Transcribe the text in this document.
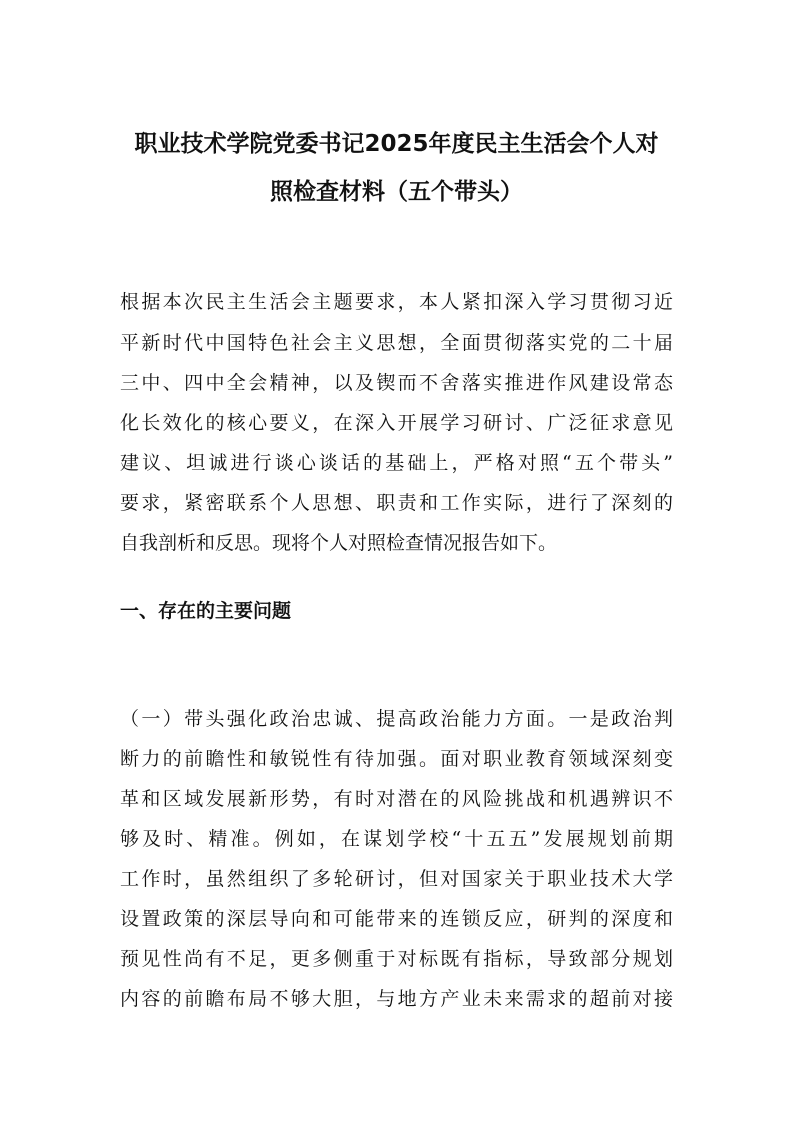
职业技术学院党委书记2025年度民主生活会个人对
照检查材料（五个带头）

根据本次民主生活会主题要求，本人紧扣深入学习贯彻习近

平新时代中国特色社会主义思想，全面贯彻落实党的二十届

三中、四中全会精神，以及锲而不舍落实推进作风建设常态

化长效化的核心要义，在深入开展学习研讨、广泛征求意见

建议、坦诚进行谈心谈话的基础上，严格对照“五个带头”

要求，紧密联系个人思想、职责和工作实际，进行了深刻的

自我剖析和反思。现将个人对照检查情况报告如下。

一、存在的主要问题

（一）带头强化政治忠诚、提高政治能力方面。一是政治判

断力的前瞻性和敏锐性有待加强。面对职业教育领域深刻变

革和区域发展新形势，有时对潜在的风险挑战和机遇辨识不

够及时、精准。例如，在谋划学校“十五五”发展规划前期

工作时，虽然组织了多轮研讨，但对国家关于职业技术大学

设置政策的深层导向和可能带来的连锁反应，研判的深度和

预见性尚有不足，更多侧重于对标既有指标，导致部分规划

内容的前瞻布局不够大胆，与地方产业未来需求的超前对接
